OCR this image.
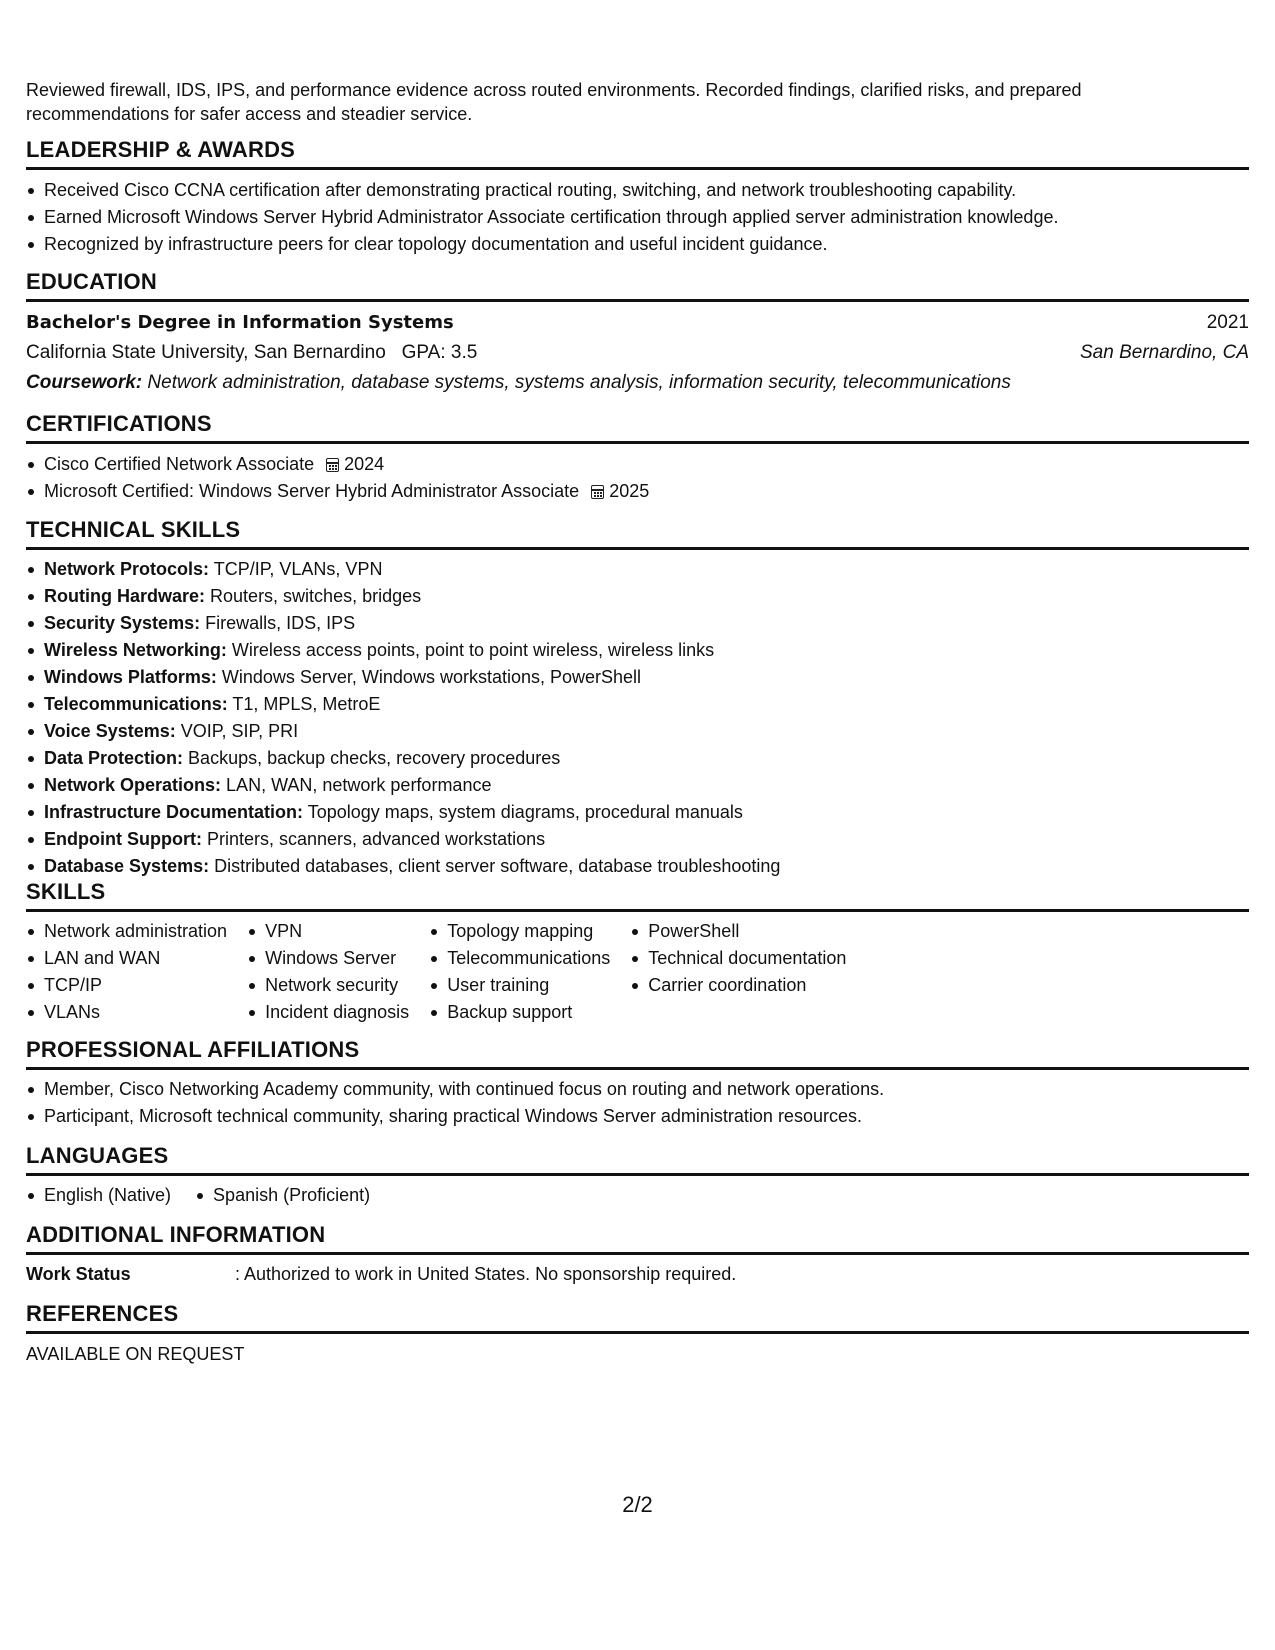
Reviewed firewall, IDS, IPS, and performance evidence across routed environments. Recorded findings, clarified risks, and prepared recommendations for safer access and steadier service.
LEADERSHIP & AWARDS
Received Cisco CCNA certification after demonstrating practical routing, switching, and network troubleshooting capability.
Earned Microsoft Windows Server Hybrid Administrator Associate certification through applied server administration knowledge.
Recognized by infrastructure peers for clear topology documentation and useful incident guidance.
EDUCATION
Bachelor's Degree in Information Systems	2021
California State University, San Bernardino GPA: 3.5	San Bernardino, CA
Coursework:
Network administration, database systems, systems analysis, information security, telecommunications
CERTIFICATIONS
Cisco Certified Network Associate 2024
Microsoft Certified: Windows Server Hybrid Administrator Associate 2025
TECHNICAL SKILLS
Network Protocols: TCP/IP, VLANs, VPN
Routing Hardware: Routers, switches, bridges
Security Systems: Firewalls, IDS, IPS
Wireless Networking: Wireless access points, point to point wireless, wireless links
Windows Platforms: Windows Server, Windows workstations, PowerShell
Telecommunications: T1, MPLS, MetroE
Voice Systems: VOIP, SIP, PRI
Data Protection: Backups, backup checks, recovery procedures
Network Operations: LAN, WAN, network performance
Infrastructure Documentation: Topology maps, system diagrams, procedural manuals
Endpoint Support: Printers, scanners, advanced workstations
Database Systems: Distributed databases, client server software, database troubleshooting
SKILLS
Network administration
LAN and WAN
TCP/IP
VLANs
VPN
Windows Server
Network security
Incident diagnosis
Topology mapping
Telecommunications
User training
Backup support
PowerShell
Technical documentation
Carrier coordination
PROFESSIONAL AFFILIATIONS
Member, Cisco Networking Academy community, with continued focus on routing and network operations.
Participant, Microsoft technical community, sharing practical Windows Server administration resources.
LANGUAGES
English (Native)	Spanish (Proficient)
ADDITIONAL INFORMATION
Work Status	: Authorized to work in United States. No sponsorship required.
REFERENCES
AVAILABLE ON REQUEST
2/2
